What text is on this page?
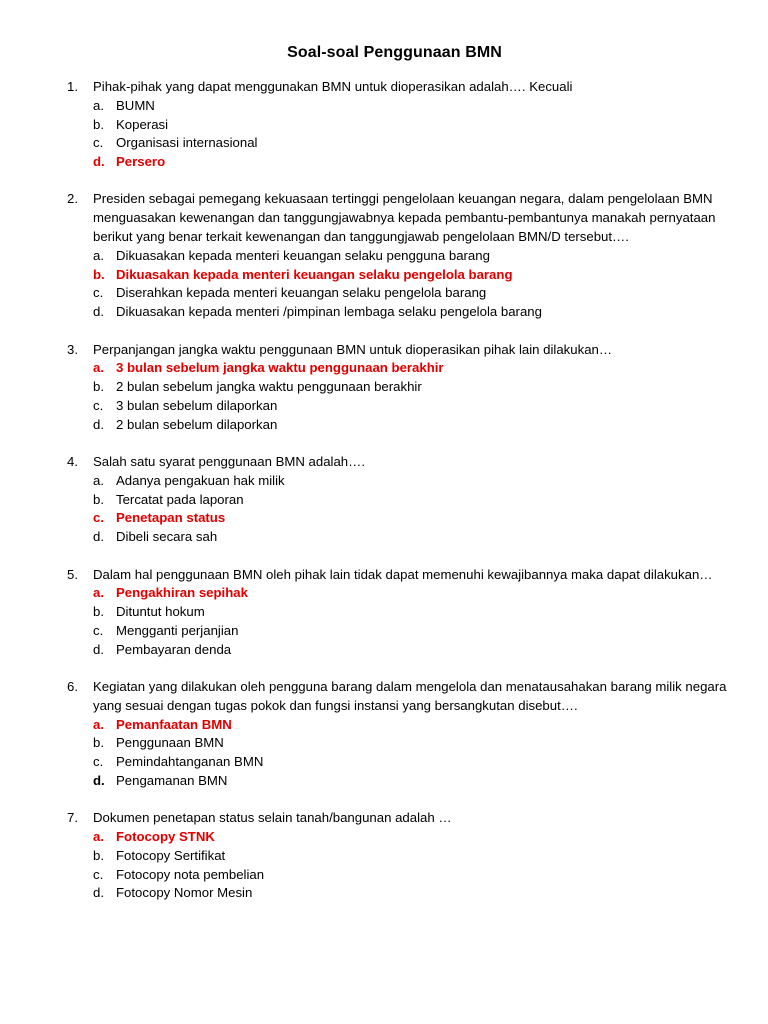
Soal-soal Penggunaan BMN
1.	Pihak-pihak yang dapat menggunakan BMN untuk dioperasikan adalah…. Kecuali
a. BUMN
b. Koperasi
c. Organisasi internasional
d. Persero
2.	Presiden sebagai pemegang kekuasaan tertinggi pengelolaan keuangan negara, dalam pengelolaan BMN menguasakan kewenangan dan tanggungjawabnya kepada pembantu-pembantunya manakah pernyataan berikut yang benar terkait kewenangan dan tanggungjawab pengelolaan BMN/D tersebut….
a. Dikuasakan kepada menteri keuangan selaku pengguna barang
b. Dikuasakan kepada menteri keuangan selaku pengelola barang
c. Diserahkan kepada menteri keuangan selaku pengelola barang
d. Dikuasakan kepada menteri /pimpinan lembaga selaku pengelola barang
3.	Perpanjangan jangka waktu penggunaan BMN untuk dioperasikan pihak lain dilakukan…
a. 3 bulan sebelum jangka waktu penggunaan berakhir
b. 2 bulan sebelum jangka waktu penggunaan berakhir
c. 3 bulan sebelum dilaporkan
d. 2 bulan sebelum dilaporkan
4.	Salah satu syarat penggunaan BMN adalah….
a. Adanya pengakuan hak milik
b. Tercatat pada laporan
c. Penetapan status
d. Dibeli secara sah
5.	Dalam hal penggunaan BMN oleh pihak lain tidak dapat memenuhi kewajibannya maka dapat dilakukan…
a. Pengakhiran sepihak
b. Dituntut hokum
c. Mengganti perjanjian
d. Pembayaran denda
6.	Kegiatan yang dilakukan oleh pengguna barang dalam mengelola dan menatausahakan barang milik negara yang sesuai dengan tugas pokok dan fungsi instansi yang bersangkutan disebut….
a. Pemanfaatan BMN
b. Penggunaan BMN
c. Pemindahtanganan BMN
d. Pengamanan BMN
7.	Dokumen penetapan status selain tanah/bangunan adalah …
a. Fotocopy STNK
b. Fotocopy Sertifikat
c. Fotocopy nota pembelian
d. Fotocopy Nomor Mesin
